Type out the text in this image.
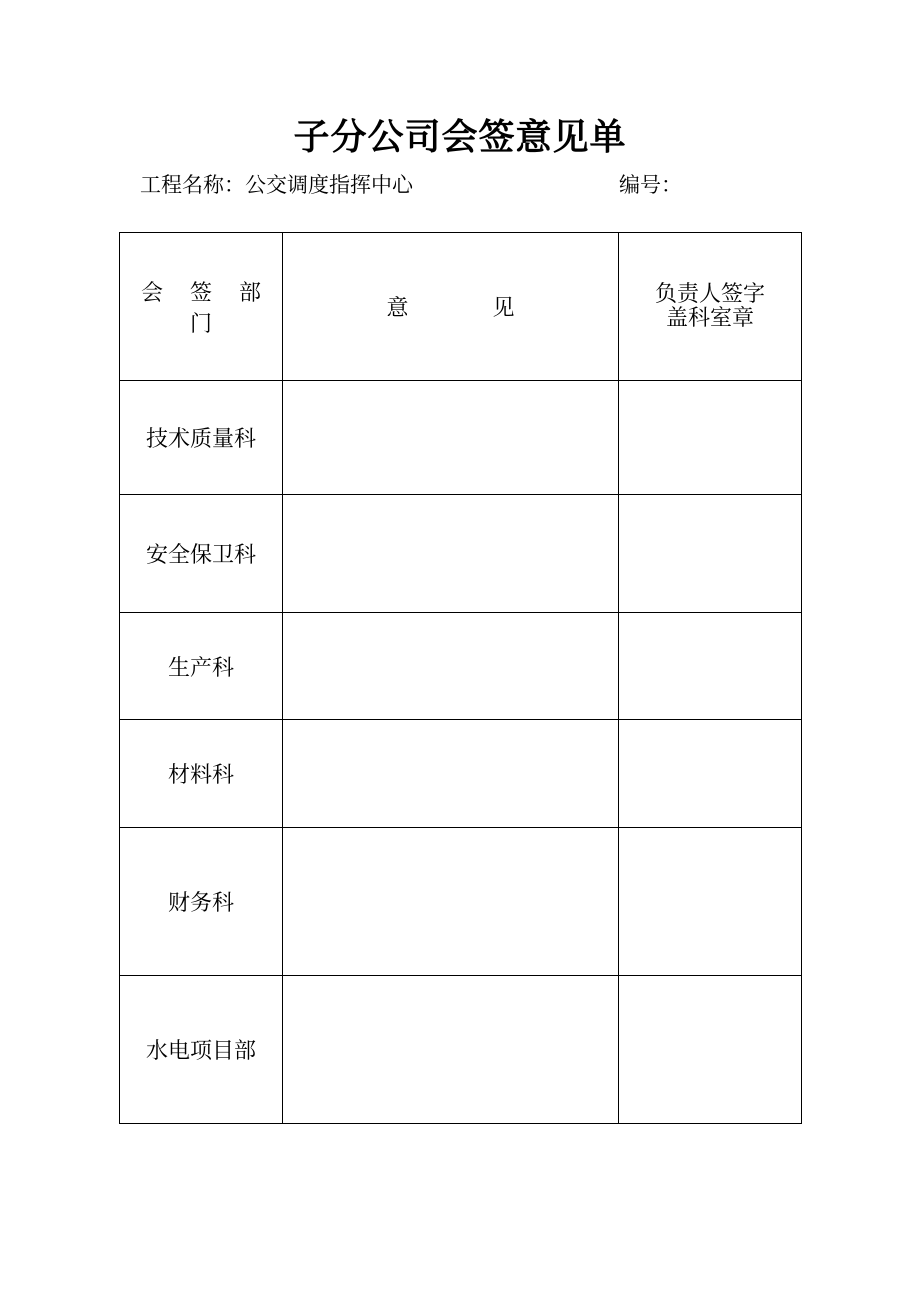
子分公司会签意见单
工程名称：公交调度指挥中心	编号：
会 签 部 门	意 见	负责人签字
盖科室章

技术质量科		
安全保卫科		
生产科		
材料科		
财务科		
水电项目部		
